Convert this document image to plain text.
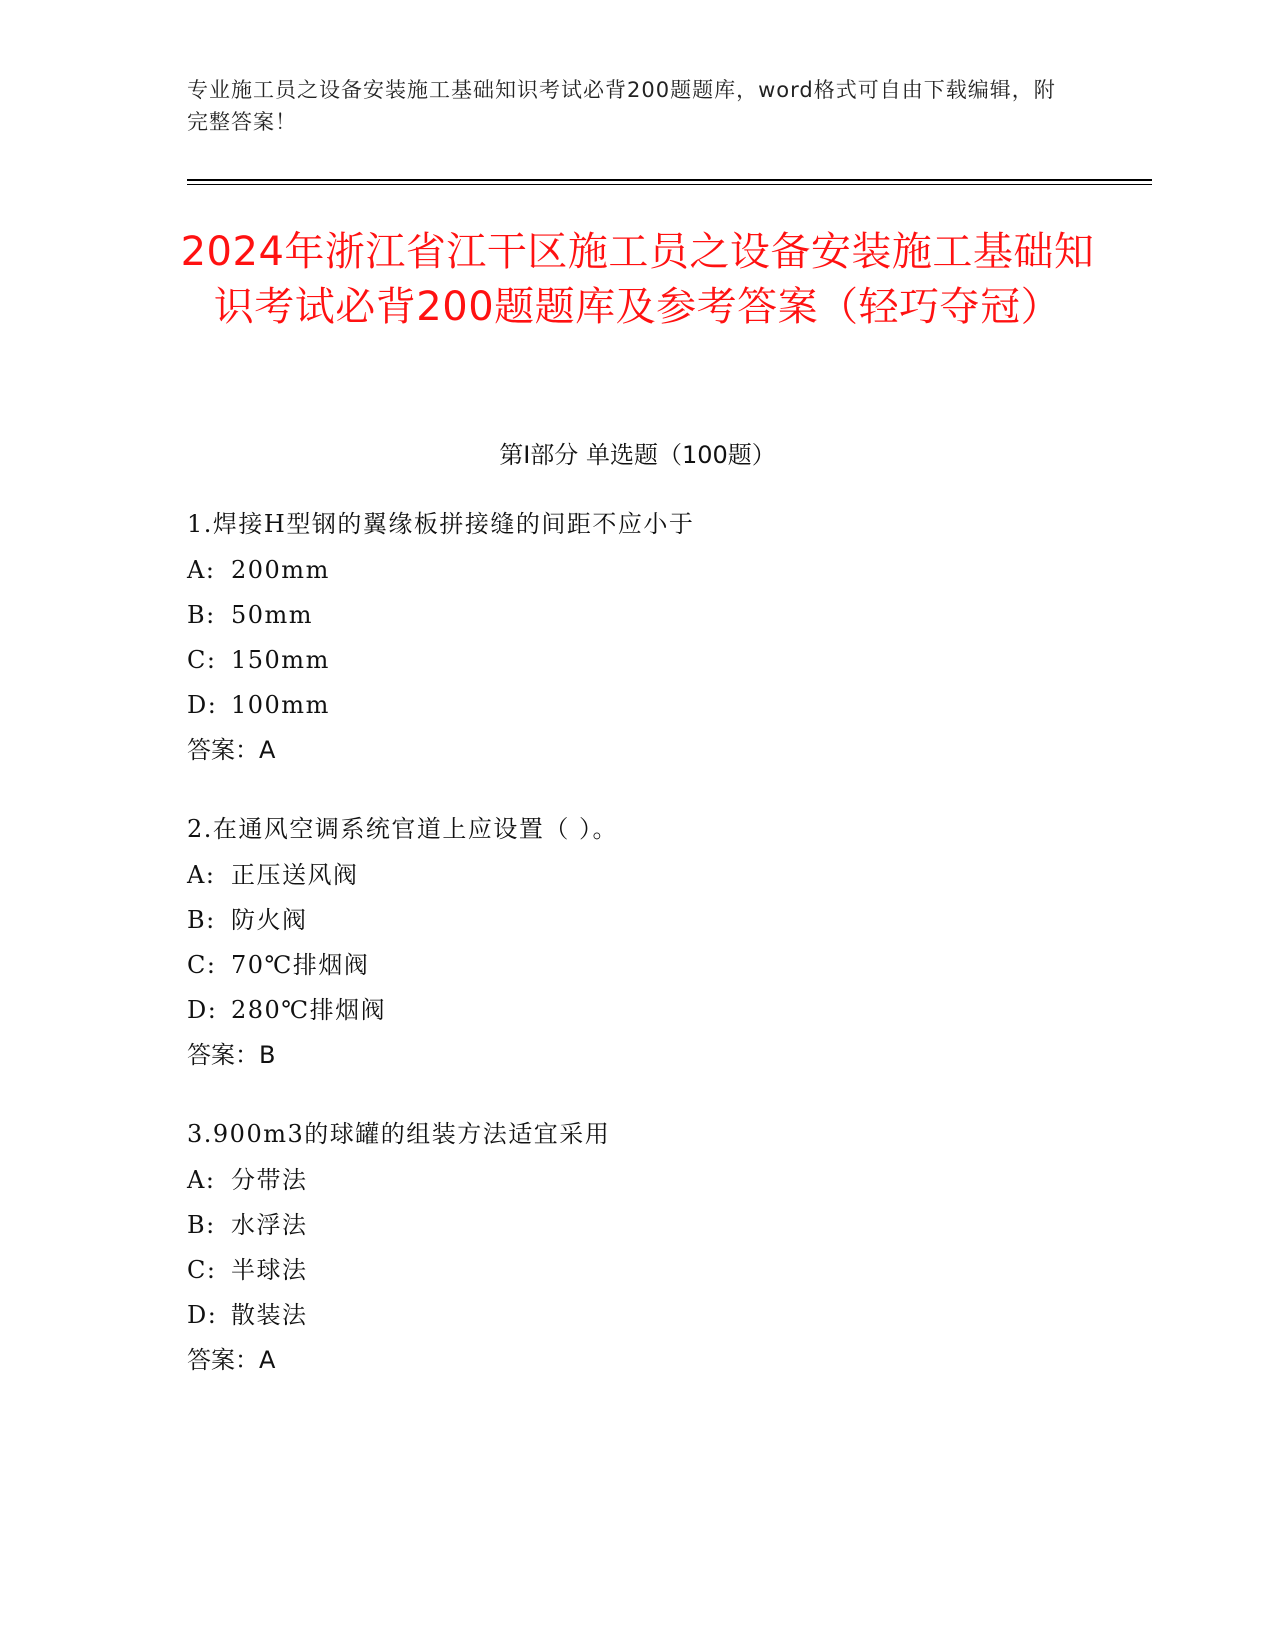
专业施工员之设备安装施工基础知识考试必背200题题库，word格式可自由下载编辑，附完整答案！
2024年浙江省江干区施工员之设备安装施工基础知识考试必背200题题库及参考答案（轻巧夺冠）
第I部分 单选题（100题）
1.焊接H型钢的翼缘板拼接缝的间距不应小于
A: 200mm
B: 50mm
C: 150mm
D: 100mm
答案：A
2.在通风空调系统官道上应设置（ ）。
A: 正压送风阀
B: 防火阀
C: 70℃排烟阀
D: 280℃排烟阀
答案：B
3.900m3的球罐的组装方法适宜采用
A: 分带法
B: 水浮法
C: 半球法
D: 散装法
答案：A
